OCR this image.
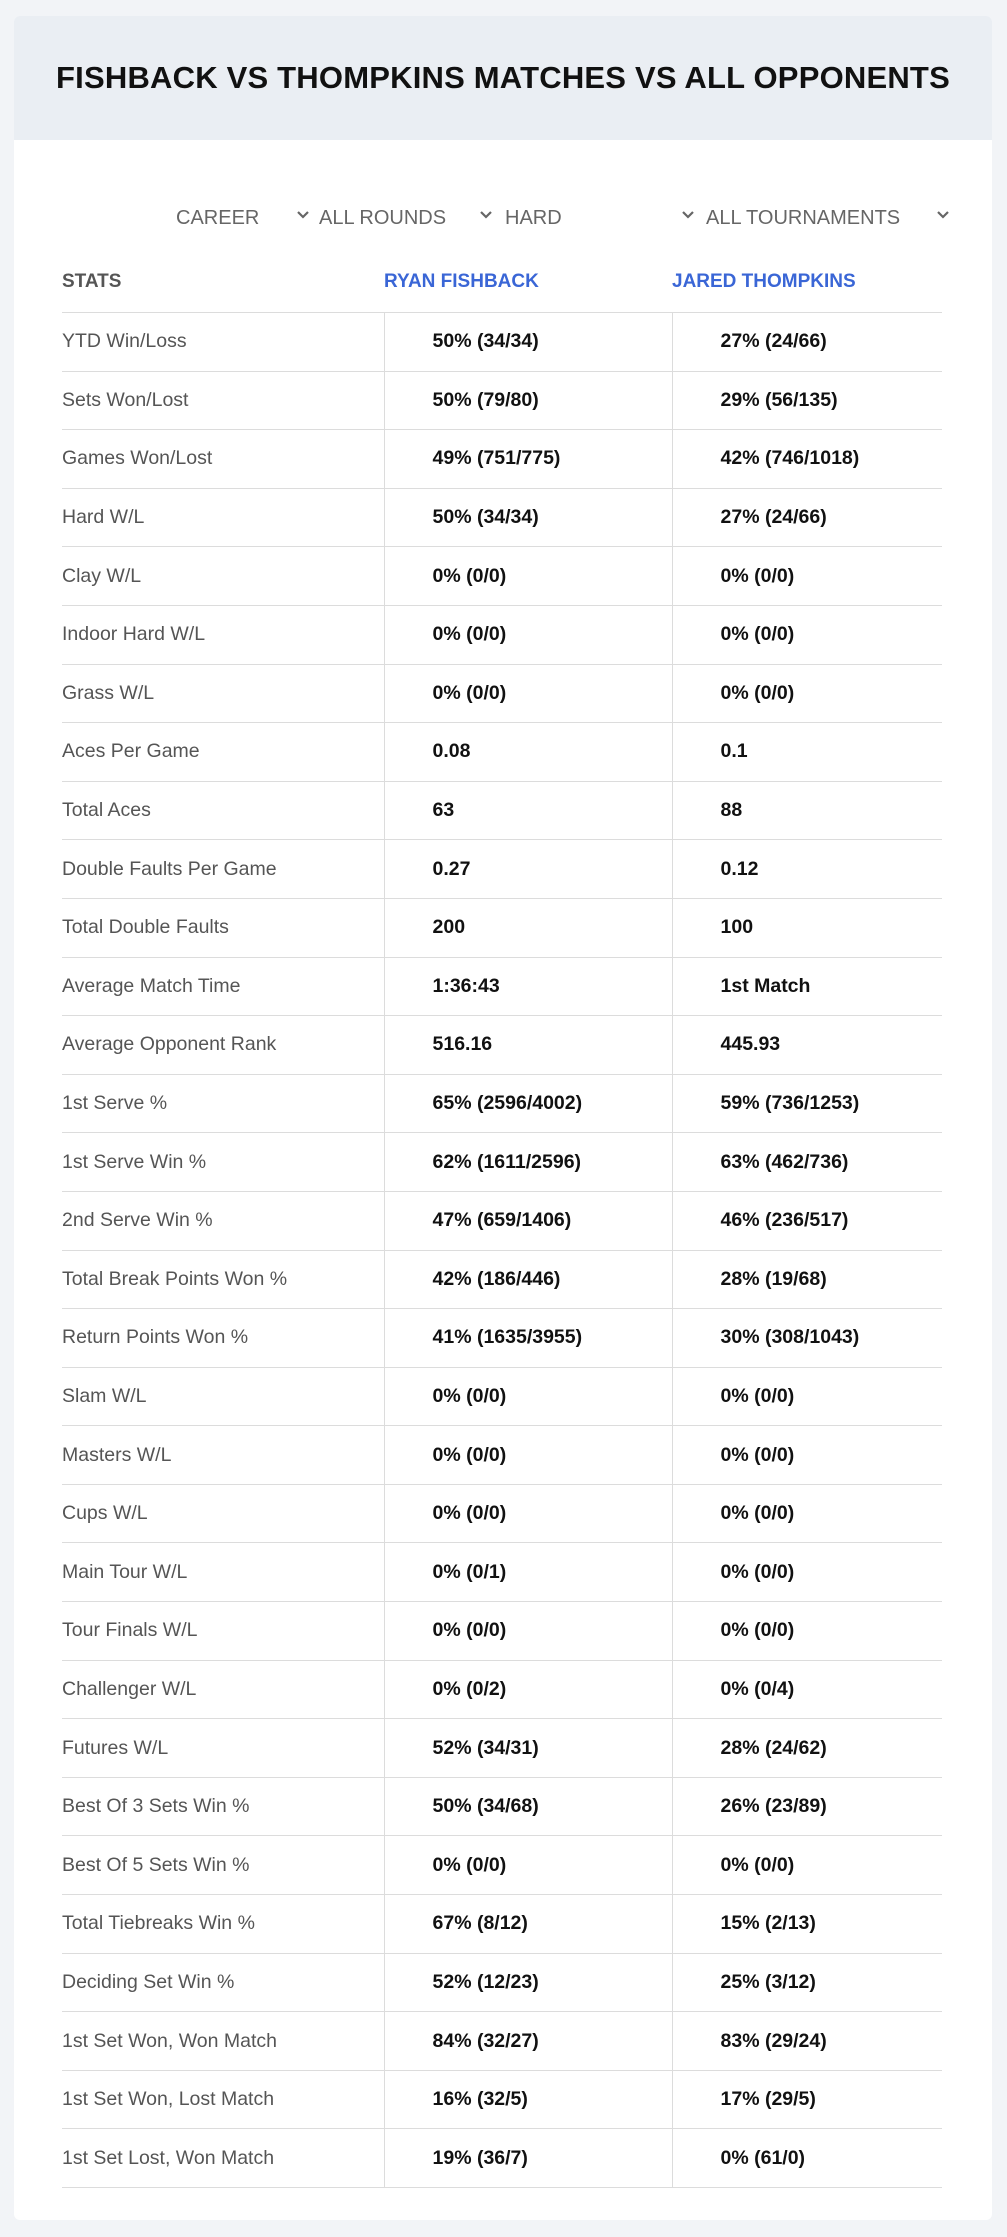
FISHBACK VS THOMPKINS MATCHES VS ALL OPPONENTS
CAREER	ALL ROUNDS	HARD	ALL TOURNAMENTS
STATS	RYAN FISHBACK	JARED THOMPKINS
YTD Win/Loss	50% (34/34)	27% (24/66)
Sets Won/Lost	50% (79/80)	29% (56/135)
Games Won/Lost	49% (751/775)	42% (746/1018)
Hard W/L	50% (34/34)	27% (24/66)
Clay W/L	0% (0/0)	0% (0/0)
Indoor Hard W/L	0% (0/0)	0% (0/0)
Grass W/L	0% (0/0)	0% (0/0)
Aces Per Game	0.08	0.1
Total Aces	63	88
Double Faults Per Game	0.27	0.12
Total Double Faults	200	100
Average Match Time	1:36:43	1st Match
Average Opponent Rank	516.16	445.93
1st Serve %	65% (2596/4002)	59% (736/1253)
1st Serve Win %	62% (1611/2596)	63% (462/736)
2nd Serve Win %	47% (659/1406)	46% (236/517)
Total Break Points Won %	42% (186/446)	28% (19/68)
Return Points Won %	41% (1635/3955)	30% (308/1043)
Slam W/L	0% (0/0)	0% (0/0)
Masters W/L	0% (0/0)	0% (0/0)
Cups W/L	0% (0/0)	0% (0/0)
Main Tour W/L	0% (0/1)	0% (0/0)
Tour Finals W/L	0% (0/0)	0% (0/0)
Challenger W/L	0% (0/2)	0% (0/4)
Futures W/L	52% (34/31)	28% (24/62)
Best Of 3 Sets Win %	50% (34/68)	26% (23/89)
Best Of 5 Sets Win %	0% (0/0)	0% (0/0)
Total Tiebreaks Win %	67% (8/12)	15% (2/13)
Deciding Set Win %	52% (12/23)	25% (3/12)
1st Set Won, Won Match	84% (32/27)	83% (29/24)
1st Set Won, Lost Match	16% (32/5)	17% (29/5)
1st Set Lost, Won Match	19% (36/7)	0% (61/0)
